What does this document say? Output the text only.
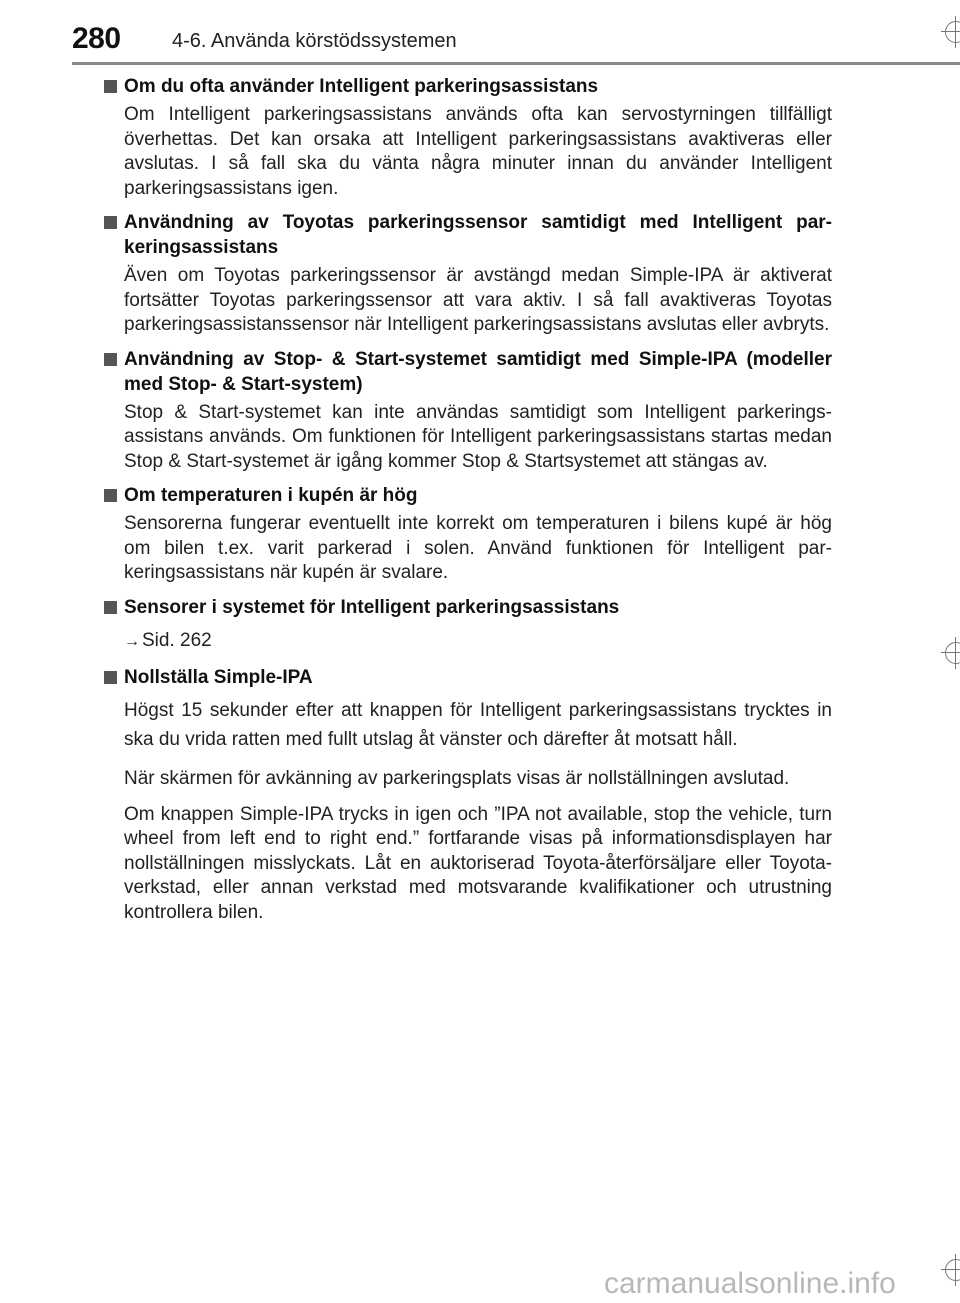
280	4-6. Använda körstödssystemen
Om du ofta använder Intelligent parkeringsassistans
Om Intelligent parkeringsassistans används ofta kan servostyrningen tillfälligt överhettas. Det kan orsaka att Intelligent parkeringsassistans avaktiveras eller avslutas. I så fall ska du vänta några minuter innan du använder Intelligent parkeringsassistans igen.
Användning av Toyotas parkeringssensor samtidigt med Intelligent parkeringsassistans
Även om Toyotas parkeringssensor är avstängd medan Simple-IPA är aktiverat fortsätter Toyotas parkeringssensor att vara aktiv. I så fall avaktiveras Toyotas parkeringsassistanssensor när Intelligent parkeringsassistans avslutas eller avbryts.
Användning av Stop- & Start-systemet samtidigt med Simple-IPA (modeller med Stop- & Start-system)
Stop & Start-systemet kan inte användas samtidigt som Intelligent parkeringsassistans används. Om funktionen för Intelligent parkeringsassistans startas medan Stop & Start-systemet är igång kommer Stop & Startsystemet att stängas av.
Om temperaturen i kupén är hög
Sensorerna fungerar eventuellt inte korrekt om temperaturen i bilens kupé är hög om bilen t.ex. varit parkerad i solen. Använd funktionen för Intelligent parkeringsassistans när kupén är svalare.
Sensorer i systemet för Intelligent parkeringsassistans
→ Sid. 262
Nollställa Simple-IPA
Högst 15 sekunder efter att knappen för Intelligent parkeringsassistans trycktes in ska du vrida ratten med fullt utslag åt vänster och därefter åt motsatt håll.
När skärmen för avkänning av parkeringsplats visas är nollställningen avslutad.
Om knappen Simple-IPA trycks in igen och ”IPA not available, stop the vehicle, turn wheel from left end to right end.” fortfarande visas på informationsdisplayen har nollställningen misslyckats. Låt en auktoriserad Toyota-återförsäljare eller Toyota-verkstad, eller annan verkstad med motsvarande kvalifikationer och utrustning kontrollera bilen.
carmanualsonline.info
